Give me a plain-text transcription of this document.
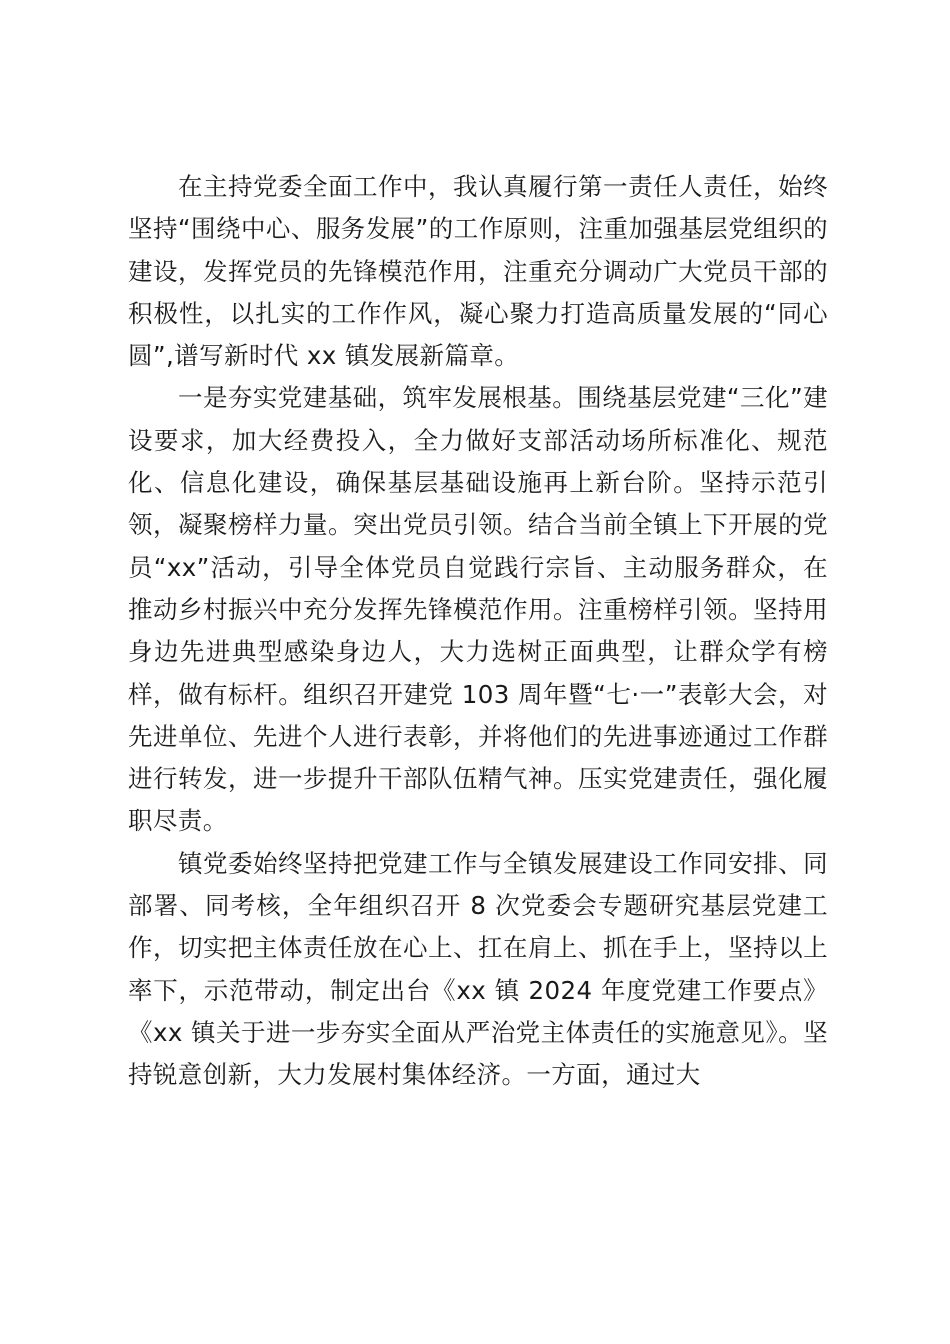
在主持党委全面工作中，我认真履行第一责任人责任，始终坚持“围绕中心、服务发展”的工作原则，注重加强基层党组织的建设，发挥党员的先锋模范作用，注重充分调动广大党员干部的积极性，以扎实的工作作风，凝心聚力打造高质量发展的“同心圆”,谱写新时代 xx 镇发展新篇章。

一是夯实党建基础，筑牢发展根基。围绕基层党建“三化”建设要求，加大经费投入，全力做好支部活动场所标准化、规范化、信息化建设，确保基层基础设施再上新台阶。坚持示范引领，凝聚榜样力量。突出党员引领。结合当前全镇上下开展的党员“xx”活动，引导全体党员自觉践行宗旨、主动服务群众，在推动乡村振兴中充分发挥先锋模范作用。注重榜样引领。坚持用身边先进典型感染身边人，大力选树正面典型，让群众学有榜样，做有标杆。组织召开建党 103 周年暨“七·一”表彰大会，对先进单位、先进个人进行表彰，并将他们的先进事迹通过工作群进行转发，进一步提升干部队伍精气神。压实党建责任，强化履职尽责。

镇党委始终坚持把党建工作与全镇发展建设工作同安排、同部署、同考核，全年组织召开 8 次党委会专题研究基层党建工作，切实把主体责任放在心上、扛在肩上、抓在手上，坚持以上率下，示范带动，制定出台《xx 镇 2024 年度党建工作要点》《xx 镇关于进一步夯实全面从严治党主体责任的实施意见》。坚持锐意创新，大力发展村集体经济。一方面，通过大
